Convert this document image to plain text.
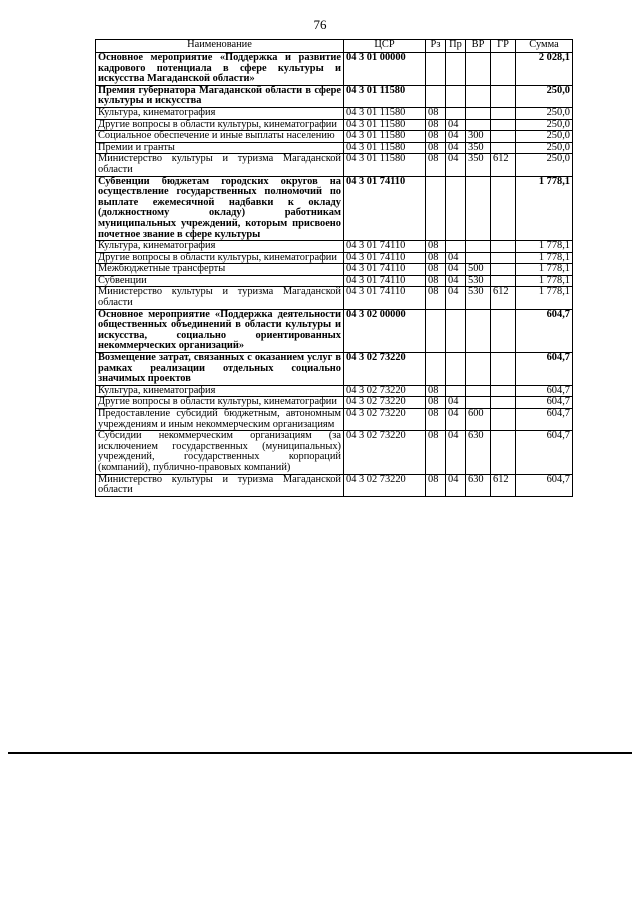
76
Наименование	ЦСР	Рз	Пр	ВР	ГР	Сумма
Основное мероприятие «Поддержка и развитие кадрового потенциала в сфере культуры и искусства Магаданской области»	04 3 01 00000					2 028,1
Премия губернатора Магаданской области в сфере культуры и искусства	04 3 01 11580					250,0
Культура, кинематография	04 3 01 11580	08				250,0
Другие вопросы в области культуры, кинематографии	04 3 01 11580	08	04			250,0
Социальное обеспечение и иные выплаты населению	04 3 01 11580	08	04	300		250,0
Премии и гранты	04 3 01 11580	08	04	350		250,0
Министерство культуры и туризма Магаданской области	04 3 01 11580	08	04	350	612	250,0
Субвенции бюджетам городских округов на осуществление государственных полномочий по выплате ежемесячной надбавки к окладу (должностному окладу) работникам муниципальных учреждений, которым присвоено почетное звание в сфере культуры	04 3 01 74110					1 778,1
Культура, кинематография	04 3 01 74110	08				1 778,1
Другие вопросы в области культуры, кинематографии	04 3 01 74110	08	04			1 778,1
Межбюджетные трансферты	04 3 01 74110	08	04	500		1 778,1
Субвенции	04 3 01 74110	08	04	530		1 778,1
Министерство культуры и туризма Магаданской области	04 3 01 74110	08	04	530	612	1 778,1
Основное мероприятие «Поддержка деятельности общественных объединений в области культуры и искусства, социально ориентированных некоммерческих организаций»	04 3 02 00000					604,7
Возмещение затрат, связанных с оказанием услуг в рамках реализации отдельных социально значимых проектов	04 3 02 73220					604,7
Культура, кинематография	04 3 02 73220	08				604,7
Другие вопросы в области культуры, кинематографии	04 3 02 73220	08	04			604,7
Предоставление субсидий бюджетным, автономным учреждениям и иным некоммерческим организациям	04 3 02 73220	08	04	600		604,7
Субсидии некоммерческим организациям (за исключением государственных (муниципальных) учреждений, государственных корпораций (компаний), публично-правовых компаний)	04 3 02 73220	08	04	630		604,7
Министерство культуры и туризма Магаданской области	04 3 02 73220	08	04	630	612	604,7
